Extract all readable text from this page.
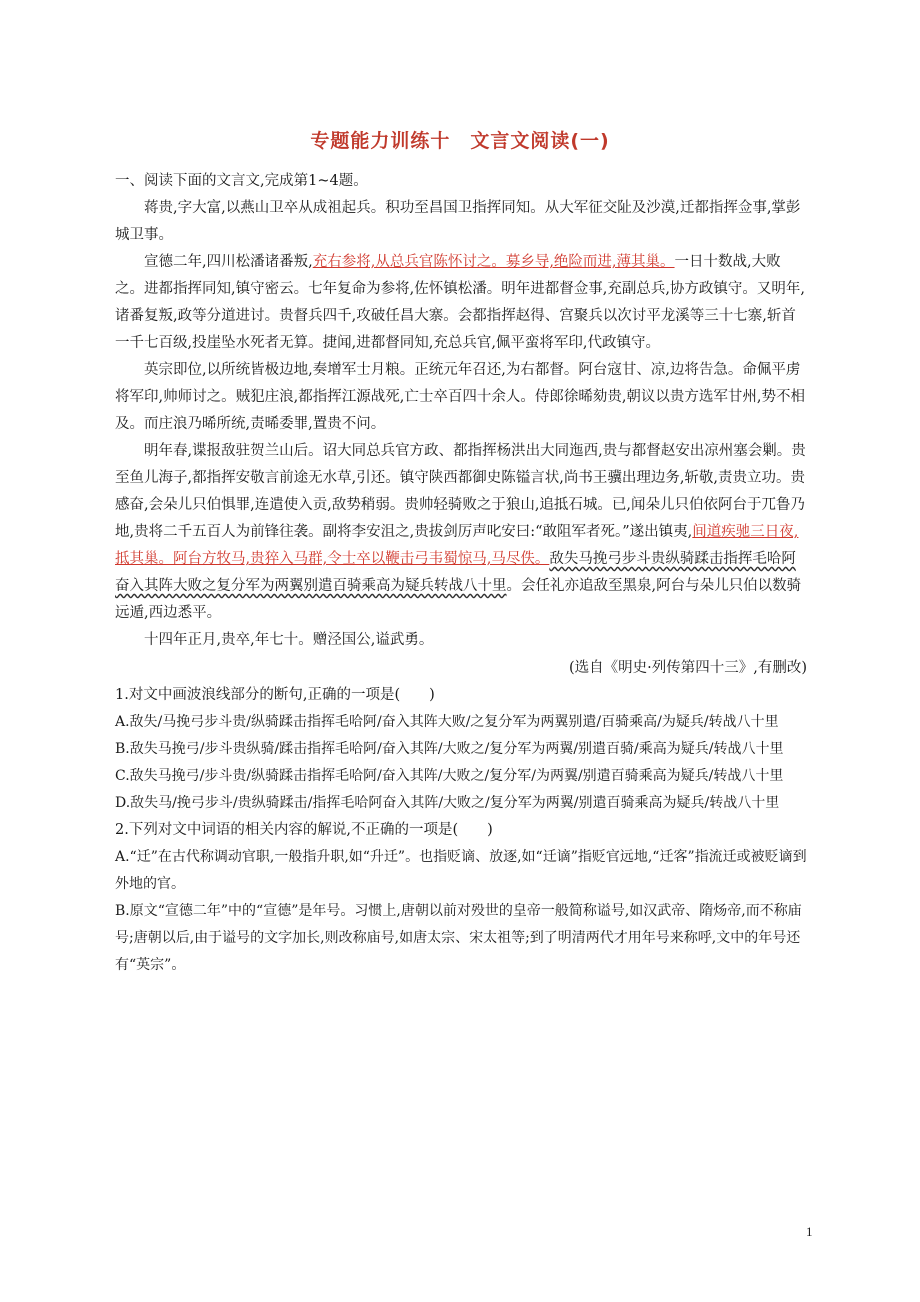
专题能力训练十　文言文阅读(一)

一、阅读下面的文言文,完成第1~4题。

蒋贵,字大富,以燕山卫卒从成祖起兵。积功至昌国卫指挥同知。从大军征交阯及沙漠,迁都指挥佥事,掌彭城卫事。

宣德二年,四川松潘诸番叛,充右参将,从总兵官陈怀讨之。募乡导,绝险而进,薄其巢。一日十数战,大败之。进都指挥同知,镇守密云。七年复命为参将,佐怀镇松潘。明年进都督佥事,充副总兵,协方政镇守。又明年,诸番复叛,政等分道进讨。贵督兵四千,攻破任昌大寨。会都指挥赵得、宫聚兵以次讨平龙溪等三十七寨,斩首一千七百级,投崖坠水死者无算。捷闻,进都督同知,充总兵官,佩平蛮将军印,代政镇守。

英宗即位,以所统皆极边地,奏增军士月粮。正统元年召还,为右都督。阿台寇甘、凉,边将告急。命佩平虏将军印,帅师讨之。贼犯庄浪,都指挥江源战死,亡士卒百四十余人。侍郎徐晞劾贵,朝议以贵方选军甘州,势不相及。而庄浪乃晞所统,责晞委罪,置贵不问。

明年春,谍报敌驻贺兰山后。诏大同总兵官方政、都指挥杨洪出大同迤西,贵与都督赵安出凉州塞会剿。贵至鱼儿海子,都指挥安敬言前途无水草,引还。镇守陕西都御史陈镒言状,尚书王骥出理边务,斩敬,责贵立功。贵感奋,会朵儿只伯惧罪,连遣使入贡,敌势稍弱。贵帅轻骑败之于狼山,追抵石城。已,闻朵儿只伯依阿台于兀鲁乃地,贵将二千五百人为前锋往袭。副将李安沮之,贵拔剑厉声叱安曰:“敢阻军者死。”遂出镇夷,间道疾驰三日夜,抵其巢。阿台方牧马,贵猝入马群,令士卒以鞭击弓韦蜀惊马,马尽佚。敌失马挽弓步斗贵纵骑蹂击指挥毛哈阿奋入其阵大败之复分军为两翼别遣百骑乘高为疑兵转战八十里。会任礼亦追敌至黑泉,阿台与朵儿只伯以数骑远遁,西边悉平。

十四年正月,贵卒,年七十。赠泾国公,谥武勇。

(选自《明史·列传第四十三》,有删改)

1.对文中画波浪线部分的断句,正确的一项是(　　)

A.敌失/马挽弓步斗贵/纵骑蹂击指挥毛哈阿/奋入其阵大败/之复分军为两翼别遣/百骑乘高/为疑兵/转战八十里

B.敌失马挽弓/步斗贵纵骑/蹂击指挥毛哈阿/奋入其阵/大败之/复分军为两翼/别遣百骑/乘高为疑兵/转战八十里

C.敌失马挽弓/步斗贵/纵骑蹂击指挥毛哈阿/奋入其阵/大败之/复分军/为两翼/别遣百骑乘高为疑兵/转战八十里

D.敌失马/挽弓步斗/贵纵骑蹂击/指挥毛哈阿奋入其阵/大败之/复分军为两翼/别遣百骑乘高为疑兵/转战八十里

2.下列对文中词语的相关内容的解说,不正确的一项是(　　)

A.“迁”在古代称调动官职,一般指升职,如“升迁”。也指贬谪、放逐,如“迁谪”指贬官远地,“迁客”指流迁或被贬谪到外地的官。

B.原文“宣德二年”中的“宣德”是年号。习惯上,唐朝以前对殁世的皇帝一般简称谥号,如汉武帝、隋炀帝,而不称庙号;唐朝以后,由于谥号的文字加长,则改称庙号,如唐太宗、宋太祖等;到了明清两代才用年号来称呼,文中的年号还有“英宗”。

1
